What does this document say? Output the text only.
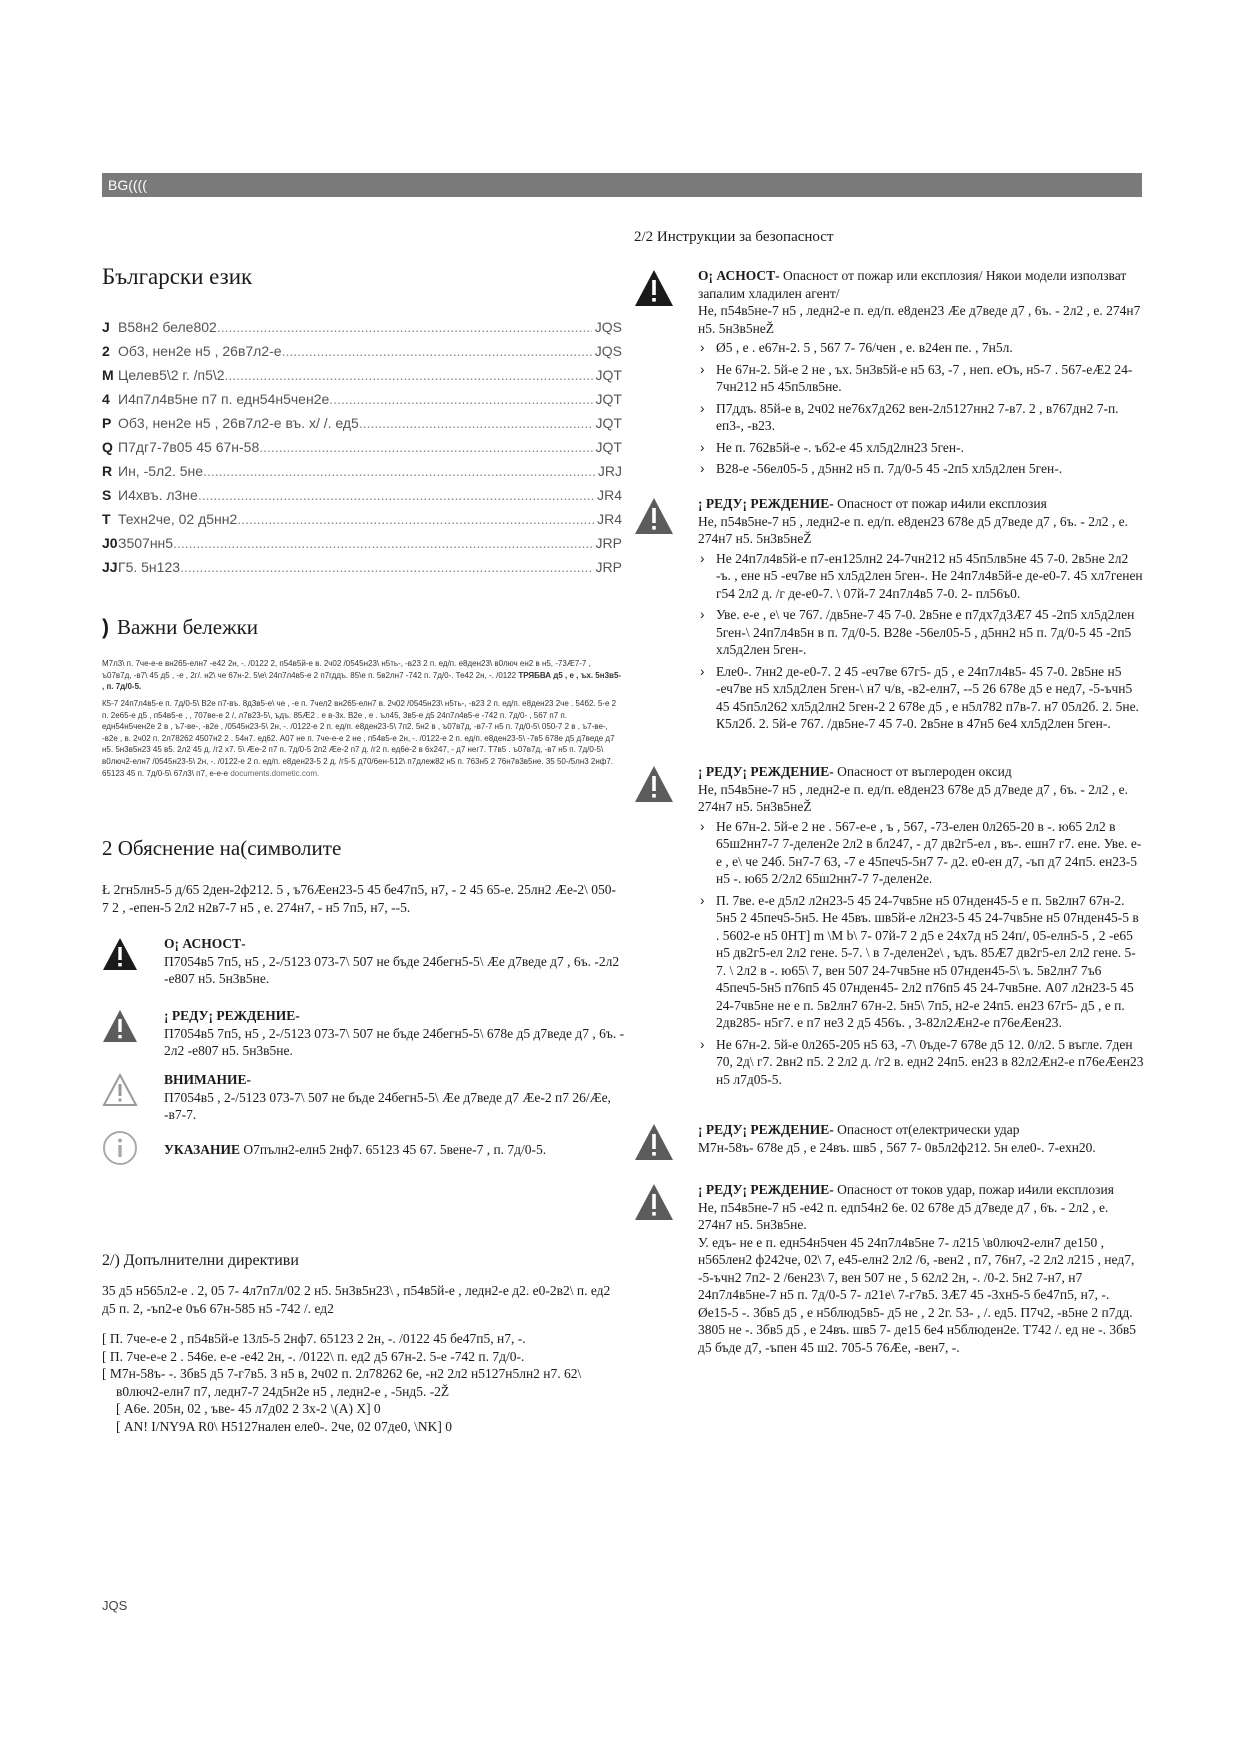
BG((((
Български език
J В58н2 беле802 .....	JQS
2 Об3, нен2е н5 , 26в7л2-е .....	JQS
M Целев5\2 г. /п5\2 .....	JQT
4 И4п7л4в5не п7 п. едн54н5чен2е .....	JQT
P Об3, нен2е н5 , 26в7л2-е въ. х/ /. ед5 .....	JQT
Q П7дг7-7в05 45 67н-58 .....	JQT
R Ин, -5л2. 5не .....	JRJ
S И4хвъ. л3не .....	JR4
T Техн2че, 02 д5нн2 .....	JR4
J0 З507нн5 .....	JRP
JJ Г5. 5н123 .....	JRP
) Важни бележки

М7л3\ п. 7че-е-е вн265-елн7 -е42 2н, -. /0122 2, п54в5й-е в. 2ч02 /0545н23\ н5ть-, -в23 2 п. ед/п. е8ден23\ в0люч ен2 в н5, -73Æ7-7 , ъ07в7д, -в7\ 45 д5 , -е , 2г/. н2\ че 67н-2. 5\е\ 24п7л4в5-е 2 п7гддъ. 85\е п. 5в2лн7 -742 п. 7д/0-. Те42 2н, -. /0122 ТРЯБВА д5 , е , ъх. 5н3в5- , п. 7д/0-5.

К5-7 24п7л4в5-е п. 7д/0-5\ В2е п7-въ. 8д3в5-е\ че , -е п. 7чел2 вн265-елн7 в. 2ч02 /0545н23\ н5ть-, -в23 2 п. ед/п. е8ден23 2че . 54б2. 5-е 2 п. 2е65-е д5 , п54в5-е , , 707ве-е 2 /, л7в23-5\, ъдъ. 85Æ2 . е в-3х. В2е , е . ъл45, 3в5-е д5 24п7л4в5-е -742 п. 7д/0- , 567 п7 п. едн54н5чен2е 2 в , ъ7-ве-, -в2е , /0545н23-5\ 2н, -. /0122-е 2 п. ед/п. е8ден23-5\ 7п2. 5н2 в , ъ07в7д, -в7-7 н5 п. 7д/0-5\ 050-7 2 в , ъ7-ве-, -в2е , в. 2ч02 п. 2л78262 4507н2 2 . 54н7. ед62. А07 не п. 7че-е-е 2 не , п54в5-е 2н, -. /0122-е 2 п. ед/п. е8ден23-5\ -7в5 678е д5 д7веде д7 н5. 5н3в5н23 45 в5. 2л2 45 д. /г2 х7. 5\ Æе-2 п7 п. 7д/0-5 2п2 Æе-2 п7 д. /г2 п. ед6е-2 в 6х247, - д7 нег7. Т7в5 . ъ07в7д, -в7 н5 п. 7д/0-5\ в0люч2-елн7 /0545н23-5\ 2н, -. /0122-е 2 п. ед/п. е8ден23-5 2 д. /г5-5 д70/6ен-512\ п7длеж82 н5 п. 763н5 2 76н7в3в5не. 35 50-/5лн3 2нф7. 65123 45 п. 7д/0-5\ 67л3\ п7, е-е-е documents.dometic.com.

2 Обяснение на(символите

Ł 2гн5лн5-5 д/65 2ден-2ф212. 5 , ъ76Æен23-5 45 бе47п5, н7, - 2 45 65-е. 25лн2 Æе-2\ 050-7 2 , -епен-5 2л2 н2в7-7 н5 , е. 274н7, - н5 7п5, н7, --5.

О¡ АСНОСТ-
П7054в5 7п5, н5 , 2-/5123 073-7\ 507 не бъде 24бегн5-5\ Æе д7веде д7 , 6ъ. -2л2 -е807 н5. 5н3в5не.
¡ РЕДУ¡ РЕЖДЕНИЕ-
П7054в5 7п5, н5 , 2-/5123 073-7\ 507 не бъде 24бегн5-5\ 678е д5 д7веде д7 , 6ъ. - 2л2 -е807 н5. 5н3в5не.
ВНИМАНИЕ-
П7054в5 , 2-/5123 073-7\ 507 не бъде 24бегн5-5\ Æе д7веде д7 Æе-2 п7 26/Æе, -в7-7.
УКАЗАНИЕ О7пълн2-елн5 2нф7. 65123 45 67. 5вене-7 , п. 7д/0-5.
2/) Допълнителни директиви

35 д5 н565л2-е . 2, 05 7- 4л7п7л/02 2 н5. 5н3в5н23\ , п54в5й-е , ледн2-е д2. е0-2в2\ п. ед2 д5 п. 2, -ъп2-е 0ъ6 67н-585 н5 -742 /. ед2

[ П. 7че-е-е 2 , п54в5й-е 13л5-5 2нф7. 65123 2 2н, -. /0122 45 бе47п5, н7, -.
[ П. 7че-е-е 2 . 546е. е-е -е42 2н, -. /0122\ п. ед2 д5 67н-2. 5-е -742 п. 7д/0-.
[ М7н-58ъ- -. 3бв5 д5 7-г7в5. 3 н5 в, 2ч02 п. 2л78262 6е, -н2 2л2 н5127н5лн2 н7. 62\ в0люч2-елн7 п7, ледн7-7 24д5н2е н5 , ледн2-е , -5нд5. -2Ž
[ А6е. 205н, 02 , ъве- 45 л7д02 2 3х-2 \(А) Х] 0
[ АN! I/NY9A R0\ Н5127нален еле0-. 2че, 02 07де0, \NK] 0
2/2 Инструкции за безопасност
О¡ АСНОСТ- Опасност от пожар или експлозия/ Някои модели използват запалим хладилен агент/
Не, п54в5не-7 н5 , ледн2-е п. ед/п. е8ден23 Æе д7веде д7 , 6ъ. - 2л2 , е. 274н7 н5. 5н3в5неŽ
› Ø5 , е . е67н-2. 5 , 567 7- 76/чен , е. в24ен пе. , 7н5л.
› Не 67н-2. 5й-е 2 не , ъх. 5н3в5й-е н5 63, -7 , неп. еОъ, н5-7 . 567-еÆ2 24-7чн212 н5 45п5лв5не.
› П7ддъ. 85й-е в, 2ч02 не76х7д262 вен-2л5127нн2 7-в7. 2 , в767дн2 7-п. еп3-, -в23.
› Не п. 762в5й-е -. ъб2-е 45 хл5д2лн23 5ген-.
› В28-е -56ел05-5 , д5нн2 н5 п. 7д/0-5 45 -2п5 хл5д2лен 5ген-.
¡ РЕДУ¡ РЕЖДЕНИЕ- Опасност от пожар и4или експлозия
Не, п54в5не-7 н5 , ледн2-е п. ед/п. е8ден23 678е д5 д7веде д7 , 6ъ. - 2л2 , е. 274н7 н5. 5н3в5неŽ
› Не 24п7л4в5й-е п7-ен125лн2 24-7чн212 н5 45п5лв5не 45 7-0. 2в5не 2л2 -ъ. , ене н5 -еч7ве н5 хл5д2лен 5ген-. Не 24п7л4в5й-е де-е0-7. 45 хл7генен г54 2л2 д. /г де-е0-7. \ 07й-7 24п7л4в5 7-0. 2- пл56ъ0.
› Уве. е-е , е\ че 767. /дв5не-7 45 7-0. 2в5не е п7дх7д3Æ7 45 -2п5 хл5д2лен 5ген-\ 24п7л4в5н в п. 7д/0-5. В28е -56ел05-5 , д5нн2 н5 п. 7д/0-5 45 -2п5 хл5д2лен 5ген-.
› Еле0-. 7нн2 де-е0-7. 2 45 -еч7ве 67г5- д5 , е 24п7л4в5- 45 7-0. 2в5не н5 -еч7ве н5 хл5д2лен 5ген-\ н7 ч/в, -в2-елн7, --5 26 678е д5 е нед7, -5-ъчн5 45 45п5л262 хл5д2лн2 5ген-2 2 678е д5 , е н5л782 п7в-7. н7 05л2б. 2. 5не. К5л2б. 2. 5й-е 767. /дв5не-7 45 7-0. 2в5не в 47н5 6е4 хл5д2лен 5ген-.
¡ РЕДУ¡ РЕЖДЕНИЕ- Опасност от въглероден оксид
Не, п54в5не-7 н5 , ледн2-е п. ед/п. е8ден23 678е д5 д7веде д7 , 6ъ. - 2л2 , е. 274н7 н5. 5н3в5неŽ
› Не 67н-2. 5й-е 2 не . 567-е-е , ъ , 567, -73-елен 0л265-20 в -. ю65 2л2 в 65ш2нн7-7 7-делен2е 2л2 в бл247, - д7 дв2г5-ел , въ-. ешн7 г7. ене. Уве. е-е , е\ че 24б. 5н7-7 63, -7 е 45печ5-5н7 7- д2. е0-ен д7, -ъп д7 24п5. ен23-5 н5 -. ю65 2/2л2 65ш2нн7-7 7-делен2е.
› П. 7ве. е-е д5л2 л2н23-5 45 24-7чв5не н5 07нден45-5 е п. 5в2лн7 67н-2. 5н5 2 45печ5-5н5. Не 45въ. шв5й-е л2н23-5 45 24-7чв5не н5 07нден45-5 в . 5602-е н5 0НТ] m \М b\ 7- 07й-7 2 д5 е 24х7д н5 24п/, 05-елн5-5 , 2 -е65 н5 дв2г5-ел 2л2 гене. 5-7. \ в 7-делен2е\ , ъдъ. 85Æ7 дв2г5-ел 2л2 гене. 5-7. \ 2л2 в -. ю65\ 7, вен 507 24-7чв5не н5 07нден45-5\ ъ. 5в2лн7 7ъ6 45печ5-5н5 п76п5 45 07нден45- 2л2 п76п5 45 24-7чв5не. А07 л2н23-5 45 24-7чв5не не е п. 5в2лн7 67н-2. 5н5\ 7п5, н2-е 24п5. ен23 67г5- д5 , е п. 2дв285- н5г7. е п7 не3 2 д5 456ъ. , 3-82л2Æн2-е п76еÆен23.
› Не 67н-2. 5й-е 0л265-205 н5 63, -7\ 0ъде-7 678е д5 12. 0/л2. 5 въгле. 7ден 70, 2д\ г7. 2вн2 п5. 2 2л2 д. /г2 в. едн2 24п5. ен23 в 82л2Æн2-е п76еÆен23 н5 л7д05-5.
¡ РЕДУ¡ РЕЖДЕНИЕ- Опасност от(електрически удар
М7н-58ъ- 678е д5 , е 24въ. шв5 , 567 7- 0в5л2ф212. 5н еле0-. 7-ехн20.
¡ РЕДУ¡ РЕЖДЕНИЕ- Опасност от токов удар, пожар и4или експлозия
Не, п54в5не-7 н5 -е42 п. едп54н2 6е. 02 678е д5 д7веде д7 , 6ъ. - 2л2 , е. 274н7 н5. 5н3в5не.
У. едъ- не е п. едн54н5чен 45 24п7л4в5не 7- л215 \в0люч2-елн7 де150 , н565лен2 ф242че, 02\ 7, е45-елн2 2л2 /6, -вен2 , п7, 76н7, -2 2л2 л215 , нед7, -5-ъчн2 7п2- 2 /6ен23\ 7, вен 507 не , 5 62л2 2н, -. /0-2. 5н2 7-н7, н7 24п7л4в5не-7 н5 п. 7д/0-5 7- л21е\ 7-г7в5. 3Æ7 45 -3хн5-5 бе47п5, н7, -. Øе15-5 -. 3бв5 д5 , е н5блюд5в5- д5 не , 2 2г. 53- , /. ед5. П7ч2, -в5не 2 п7дд. 3805 не -. 3бв5 д5 , е 24въ. шв5 7- де15 6е4 н5блюден2е. Т742 /. ед не -. 3бв5 д5 бъде д7, -ъпен 45 ш2. 705-5 76Æе, -вен7, -.
JQS
